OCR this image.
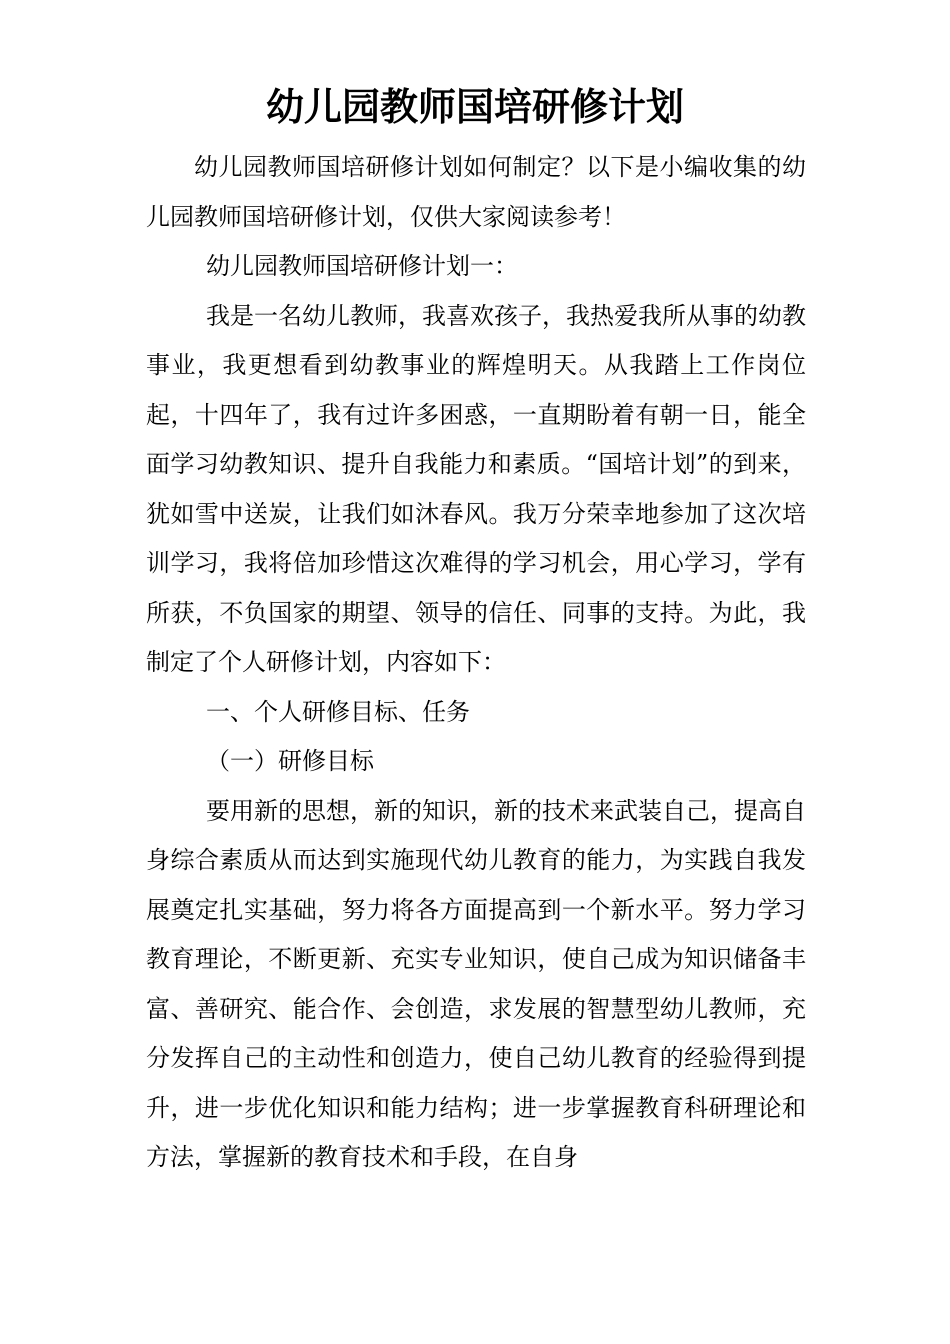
幼儿园教师国培研修计划

幼儿园教师国培研修计划如何制定？以下是小编收集的幼儿园教师国培研修计划，仅供大家阅读参考！

幼儿园教师国培研修计划一：

我是一名幼儿教师，我喜欢孩子，我热爱我所从事的幼教事业，我更想看到幼教事业的辉煌明天。从我踏上工作岗位起，十四年了，我有过许多困惑，一直期盼着有朝一日，能全面学习幼教知识、提升自我能力和素质。“国培计划”的到来，犹如雪中送炭，让我们如沐春风。我万分荣幸地参加了这次培训学习，我将倍加珍惜这次难得的学习机会，用心学习，学有所获，不负国家的期望、领导的信任、同事的支持。为此，我制定了个人研修计划，内容如下：

一、个人研修目标、任务

（一）研修目标

要用新的思想，新的知识，新的技术来武装自己，提高自身综合素质从而达到实施现代幼儿教育的能力，为实践自我发展奠定扎实基础，努力将各方面提高到一个新水平。努力学习教育理论，不断更新、充实专业知识，使自己成为知识储备丰富、善研究、能合作、会创造，求发展的智慧型幼儿教师，充分发挥自己的主动性和创造力，使自己幼儿教育的经验得到提升，进一步优化知识和能力结构；进一步掌握教育科研理论和方法，掌握新的教育技术和手段，在自身
